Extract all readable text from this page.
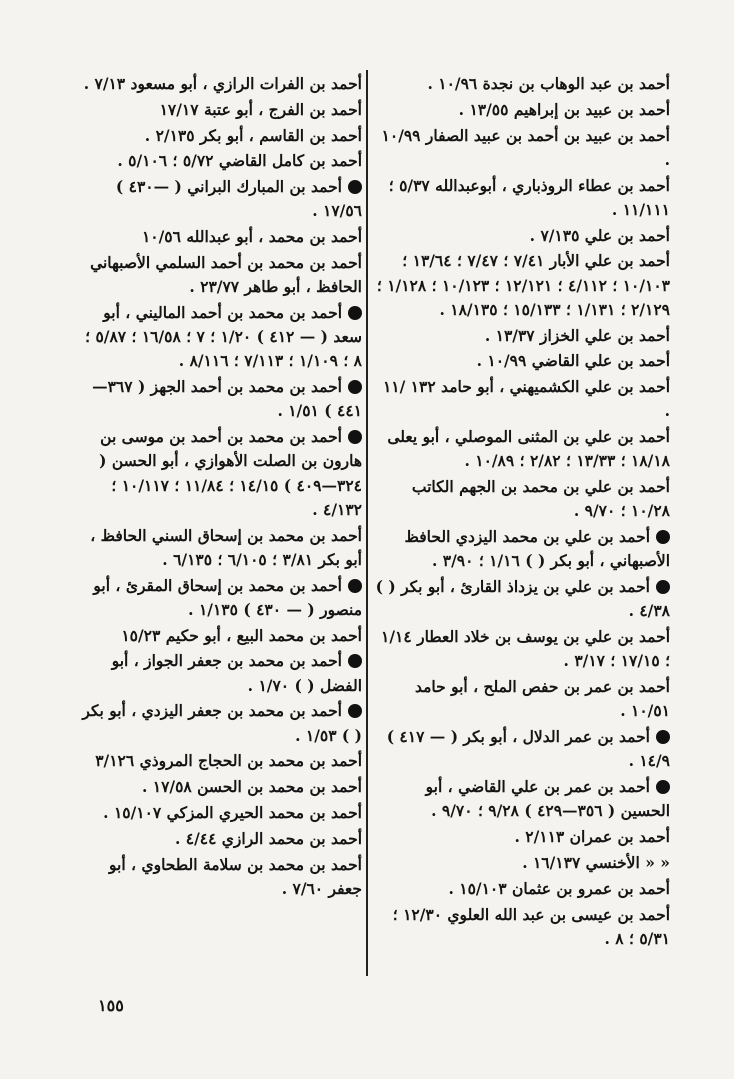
أحمد بن عبد الوهاب بن نجدة ١٠/٩٦ .
أحمد بن عبيد بن إبراهيم ١٣/٥٥ .
أحمد بن عبيد بن أحمد بن عبيد الصفار ١٠/٩٩ .
أحمد بن عطاء الروذباري ، أبوعبدالله ٥/٣٧ ؛ ١١/١١١ .
أحمد بن علي ٧/١٣٥ .
أحمد بن علي الأبار ٧/٤١ ؛ ٧/٤٧ ؛ ١٣/٦٤ ؛ ١٠/١٠٣ ؛ ٤/١١٢ ؛ ١٢/١٢١ ؛ ١٠/١٢٣ ؛ ١/١٢٨ ؛ ٢/١٢٩ ؛ ١/١٣١ ؛ ١٥/١٣٣ ؛ ١٨/١٣٥ .
أحمد بن علي الخزاز ١٣/٣٧ .
أحمد بن علي القاضي ١٠/٩٩ .
أحمد بن علي الكشميهني ، أبو حامد ١٣٢ /١١ .
أحمد بن علي بن المثنى الموصلي ، أبو يعلى ١٨/١٨ ؛ ١٣/٣٣ ؛ ٢/٨٢ ؛ ١٠/٨٩ .
أحمد بن علي بن محمد بن الجهم الكاتب ١٠/٢٨ ؛ ٩/٧٠ .
أحمد بن علي بن محمد اليزدي الحافظ الأصبهاني ، أبو بكر ( ) ١/١٦ ؛ ٣/٩٠ .
أحمد بن علي بن يزداذ القارئ ، أبو بكر ( ) ٤/٣٨ .
أحمد بن علي بن يوسف بن خلاد العطار ١/١٤ ؛ ١٧/١٥ ؛ ٣/١٧ .
أحمد بن عمر بن حفص الملح ، أبو حامد ١٠/٥١ .
أحمد بن عمر الدلال ، أبو بكر ( — ٤١٧ ) ١٤/٩ .
أحمد بن عمر بن علي القاضي ، أبو الحسين ( ٣٥٦—٤٢٩ ) ٩/٢٨ ؛ ٩/٧٠ .
أحمد بن عمران ٢/١١٣ .
« « الأخنسي ١٦/١٣٧ .
أحمد بن عمرو بن عثمان ١٥/١٠٣ .
أحمد بن عيسى بن عبد الله العلوي ١٢/٣٠ ؛ ٥/٣١ ؛ ٨ .
أحمد بن الفرات الرازي ، أبو مسعود ٧/١٣ .
أحمد بن الفرج ، أبو عتبة ١٧/١٧
أحمد بن القاسم ، أبو بكر ٢/١٣٥ .
أحمد بن كامل القاضي ٥/٧٢ ؛ ٥/١٠٦ .
أحمد بن المبارك البراني ( —٤٣٠ ) ١٧/٥٦ .
أحمد بن محمد ، أبو عبدالله ١٠/٥٦
أحمد بن محمد بن أحمد السلمي الأصبهاني الحافظ ، أبو طاهر ٢٣/٧٧ .
أحمد بن محمد بن أحمد الماليني ، أبو سعد ( — ٤١٢ ) ١/٢٠ ؛ ٧ ؛ ١٦/٥٨ ؛ ٥/٨٧ ؛ ٨ ؛ ١/١٠٩ ؛ ٧/١١٣ ؛ ٨/١١٦ .
أحمد بن محمد بن أحمد الجهز ( ٣٦٧— ٤٤١ ) ١/٥١ .
أحمد بن محمد بن أحمد بن موسى بن هارون بن الصلت الأهوازي ، أبو الحسن ( ٣٢٤—٤٠٩ ) ١٤/١٥ ؛ ١١/٨٤ ؛ ١٠/١١٧ ؛ ٤/١٣٢ .
أحمد بن محمد بن إسحاق السني الحافظ ، أبو بكر ٣/٨١ ؛ ٦/١٠٥ ؛ ٦/١٣٥ .
أحمد بن محمد بن إسحاق المقرئ ، أبو منصور ( — ٤٣٠ ) ١/١٣٥ .
أحمد بن محمد البيع ، أبو حكيم ١٥/٢٣
أحمد بن محمد بن جعفر الجواز ، أبو الفضل ( ) ١/٧٠ .
أحمد بن محمد بن جعفر اليزدي ، أبو بكر ( ) ١/٥٣ .
أحمد بن محمد بن الحجاج المروذي ٣/١٢٦
أحمد بن محمد بن الحسن ١٧/٥٨ .
أحمد بن محمد الحيري المزكي ١٥/١٠٧ .
أحمد بن محمد الرازي ٤/٤٤ .
أحمد بن محمد بن سلامة الطحاوي ، أبو جعفر ٧/٦٠ .
١٥٥
